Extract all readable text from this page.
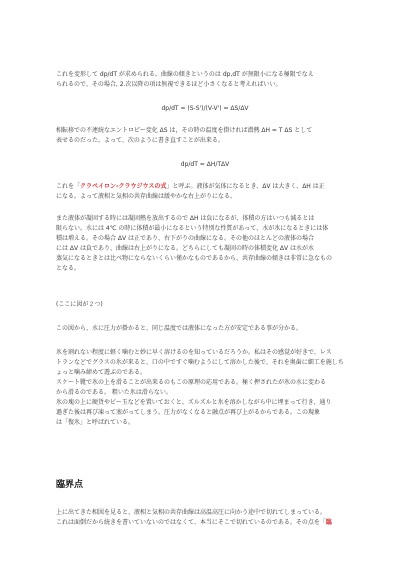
これを変形して dp/dT が求められる。曲線の傾きというのは dp,dT が無限小になる極限でなえ
られるので、その場合, 2.次以降の項は無視できるほど小さくなると考えればいい。

dp/dT = (S-S')/(V-V') = ΔS/ΔV

相転移での不連続なエントロピー変化 ΔS は，その時の温度を掛ければ潜熱 ΔH = T ΔS として
表せるのだった。よって、次のように書き直すことが出来る。

dp/dT = ΔH/TΔV

これを「クラペイロン-クラウジウスの式」と呼ぶ。液体が気体になるとき、ΔV は大きく、ΔH は正
になる。よって液相と気相の共存曲線は緩やかな右上がりになる。

また液体が凝固する時には凝固熱を放出するので ΔH は負になるが、体積の方はいつも減るとは
限らない。水には 4℃ の時に体積が最小になるという特別な性質があって、水が氷になるときには体
積は増える。その場合 ΔV は正であり、右下がりの曲線になる。その他のほとんどの液体の場合
には ΔV は負であり、曲線は右上がりになる。どちらにしても凝固の時の体積変化 ΔV は水が水
蒸気になるときとは比べ物にならないくらい僅かなものであるから、共存曲線の傾きは非常に急なもの
となる。

(ここに図が２つ)

この図から、水に圧力が掛かると、同じ温度では液体になった方が安定である事が分かる。

氷を割れない程度に軽く噛むと妙に早く溶けるのを知っているだろうか。私はその感覚が好きで、レス
トランなどでグラスの氷が来ると、口の中ですぐ噛むようにして溶かした後で、それを奥歯に細工を施しち
ょっと噛み締めて遊ぶのである。
スケート靴で氷の上を滑ることが出来るのもこの原理の応用である。極く押されたが氷の水に変わる
から滑るのである。 粗いた氷は滑らない。
氷の塊の上に硬貨やビー玉などを置いておくと、ズルズルと氷を溶かしながら中に埋まって行き、通り
過ぎた後は再び凍って塞がってしまう。圧力がなくなると融点が再び上がるからである。この現象
は「復氷」と呼ばれている。

臨界点

上に出てきた相図を見ると、液相と気相の共存曲線は高温高圧に向かう途中で切れてしまっている。
これは面倒だから続きを書いていないのではなくて、本当にそこで切れているのである。その点を「臨
